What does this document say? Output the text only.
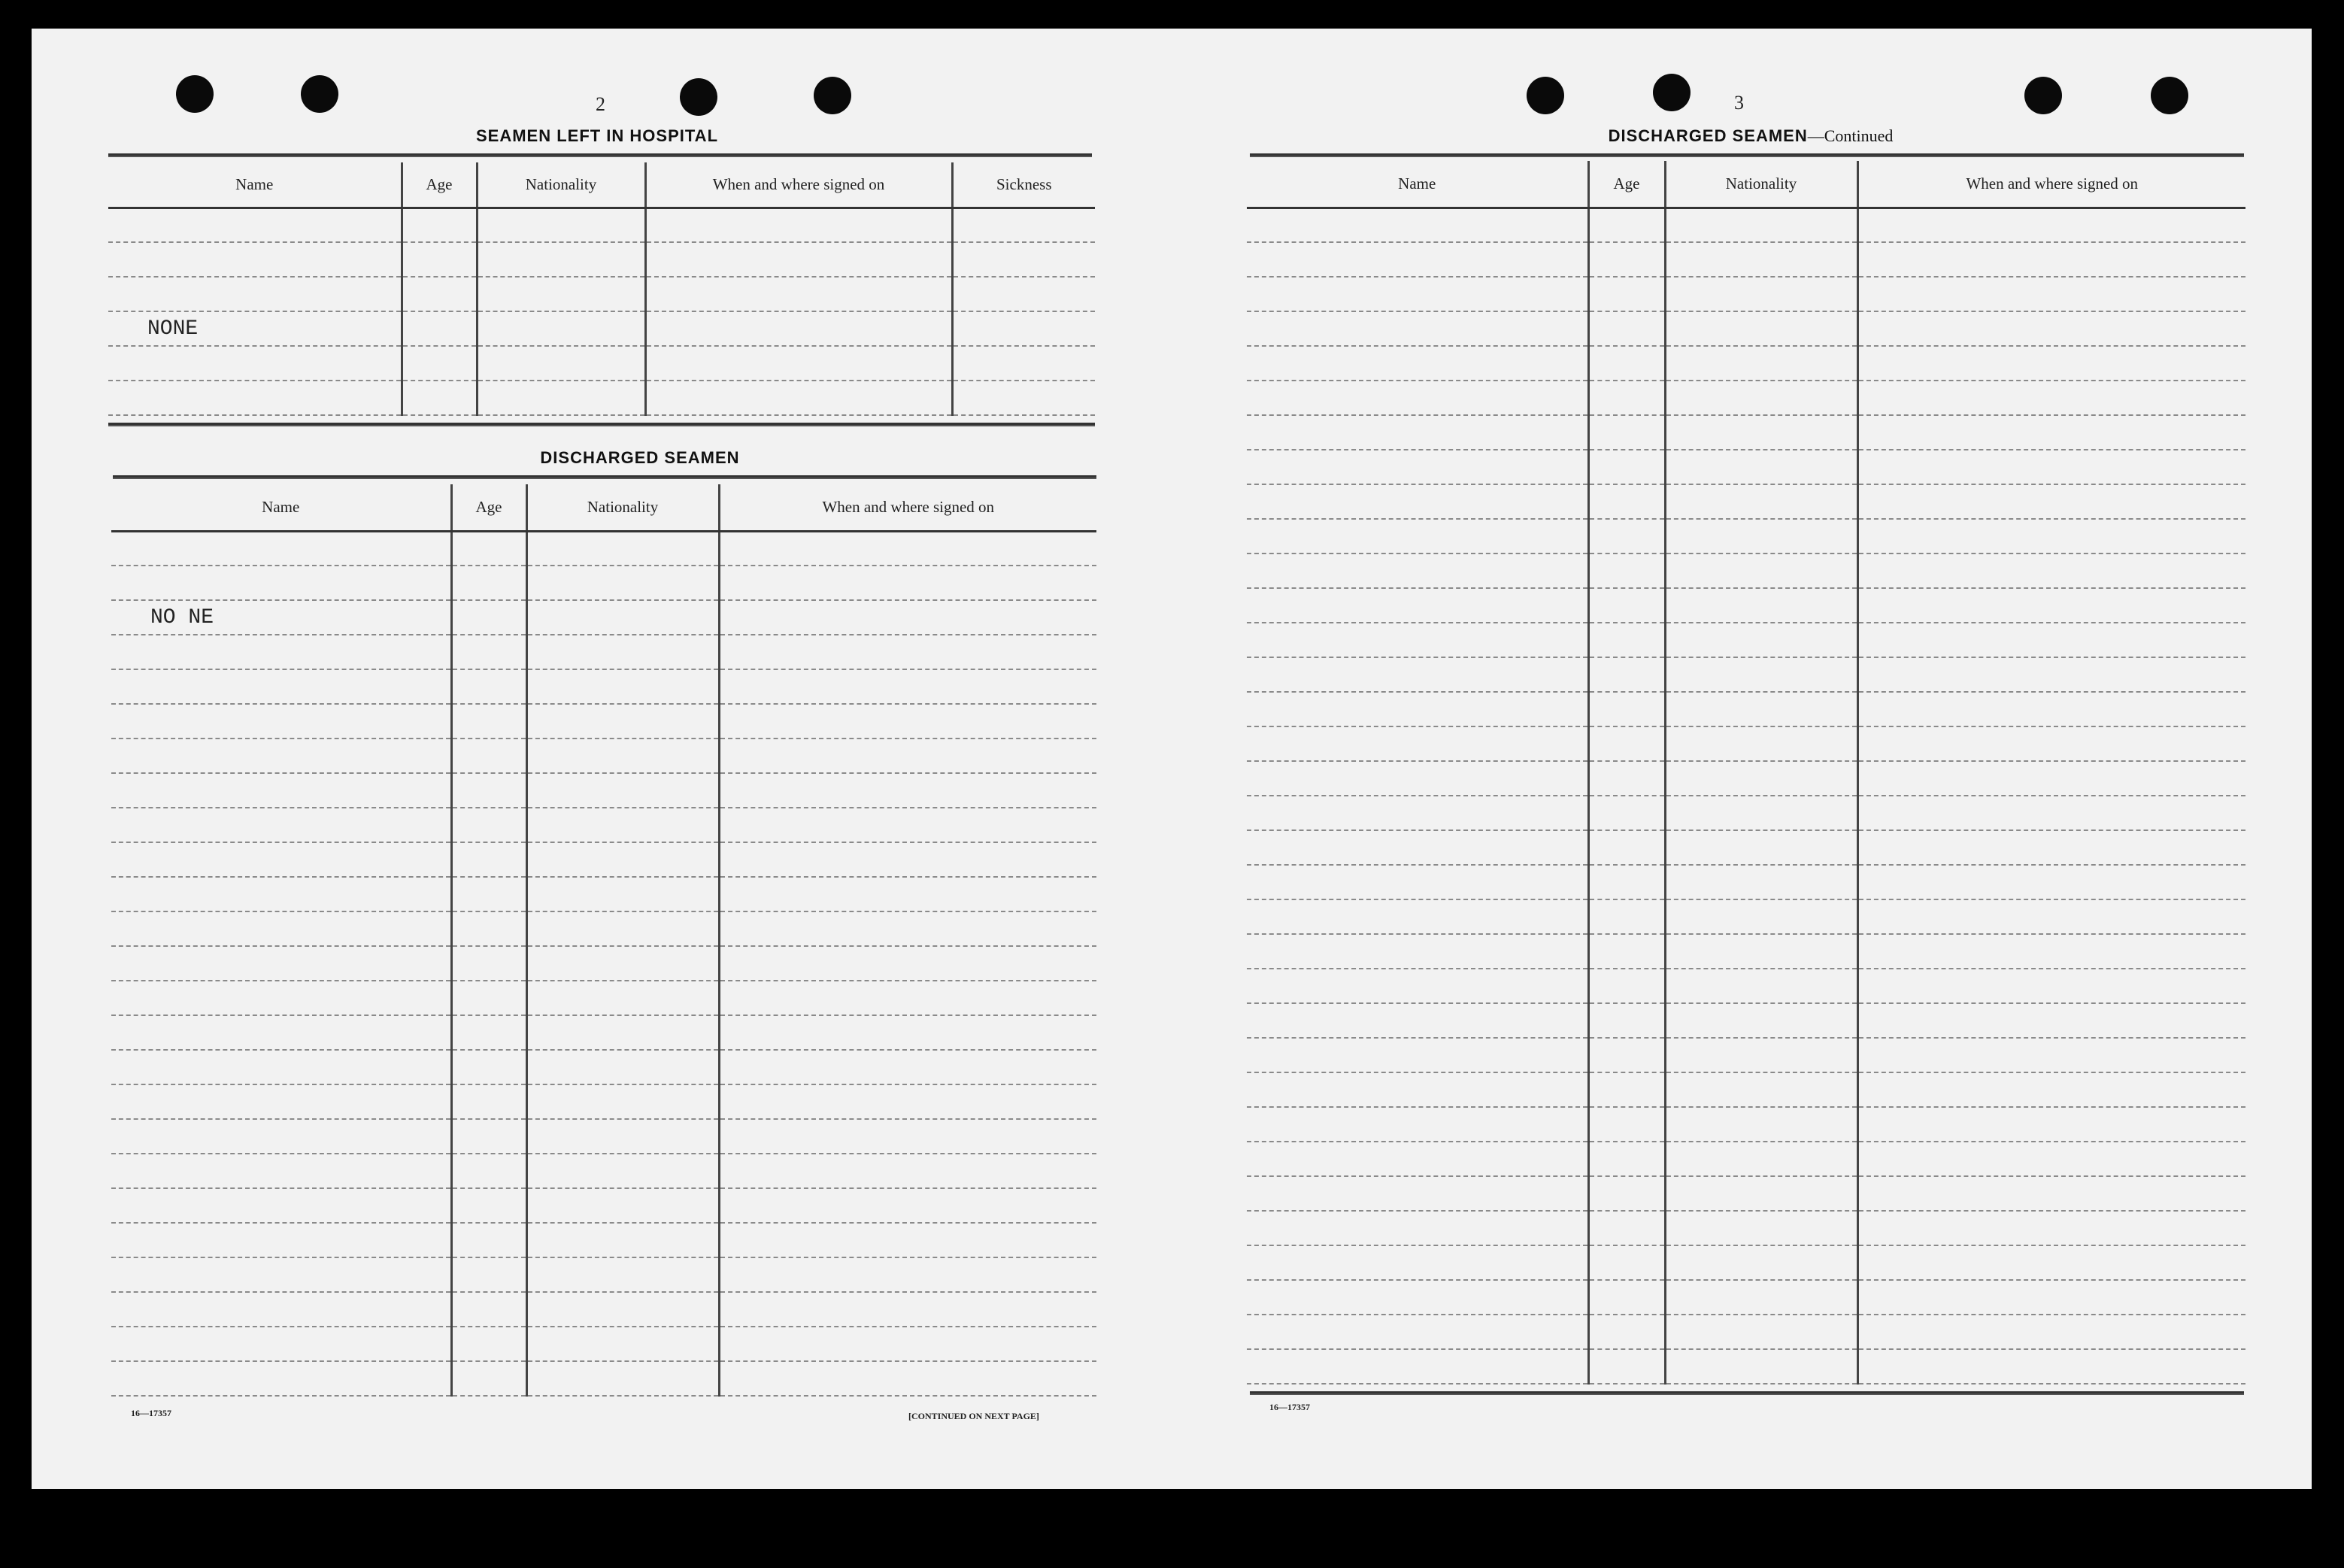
2
SEAMEN LEFT IN HOSPITAL
Name	Age	Nationality	When and where signed on	Sickness

NONE				

DISCHARGED SEAMEN
Name	Age	Nationality	When and where signed on

NO NE			

16—17357	[CONTINUED ON NEXT PAGE]
3
DISCHARGED SEAMEN—Continued
Name	Age	Nationality	When and where signed on

16—17357
